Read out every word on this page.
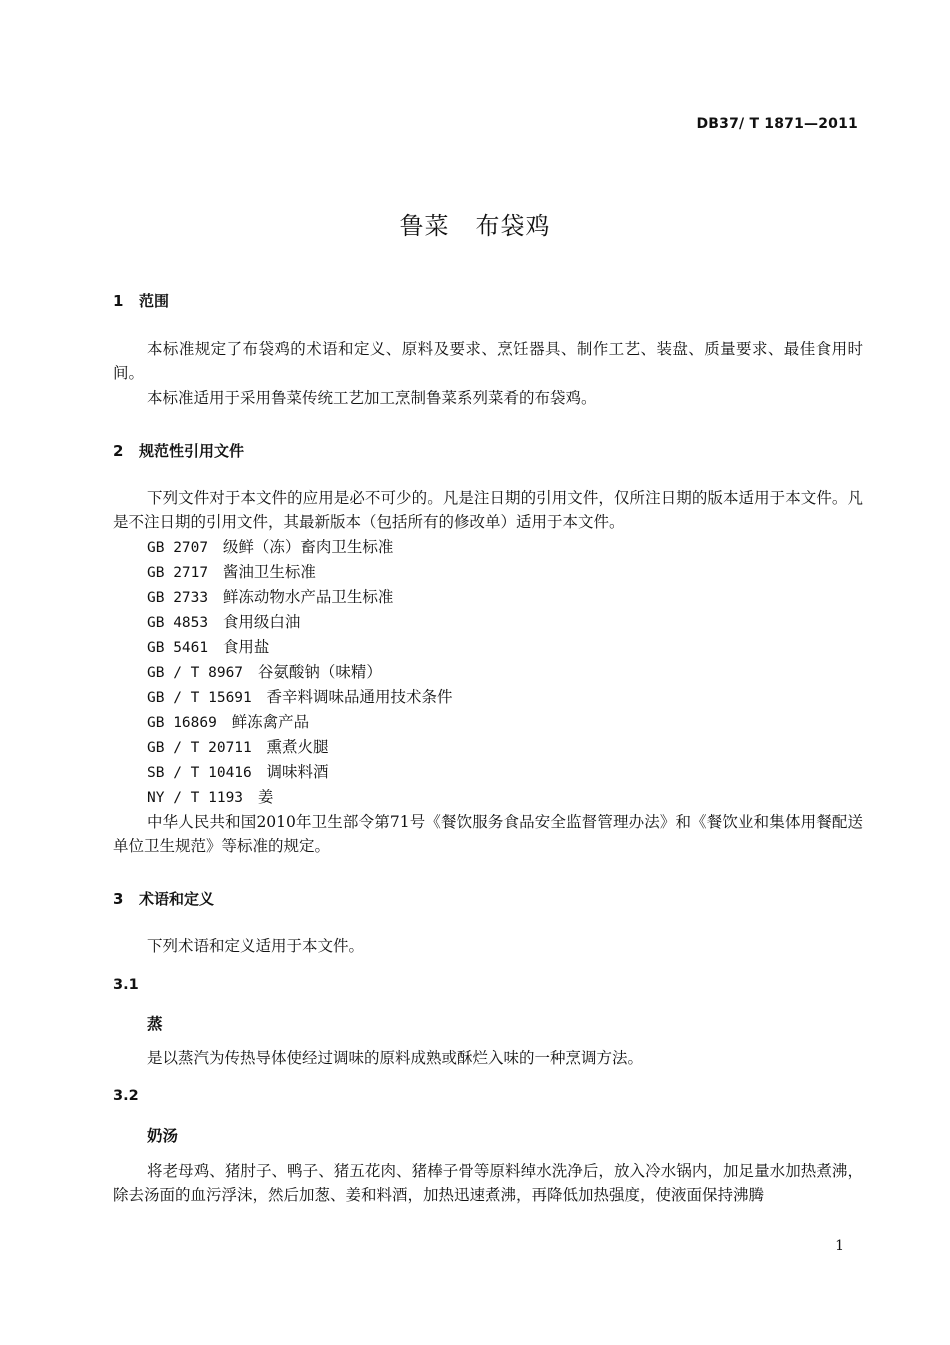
DB37/ T 1871—2011
鲁菜 布袋鸡
1 范围
本标准规定了布袋鸡的术语和定义、原料及要求、烹饪器具、制作工艺、装盘、质量要求、最佳食用时间。
本标准适用于采用鲁菜传统工艺加工烹制鲁菜系列菜肴的布袋鸡。
2 规范性引用文件
下列文件对于本文件的应用是必不可少的。凡是注日期的引用文件，仅所注日期的版本适用于本文件。凡是不注日期的引用文件，其最新版本（包括所有的修改单）适用于本文件。
GB 2707 级鲜（冻）畜肉卫生标准
GB 2717 酱油卫生标准
GB 2733 鲜冻动物水产品卫生标准
GB 4853 食用级白油
GB 5461 食用盐
GB / T 8967 谷氨酸钠（味精）
GB / T 15691 香辛料调味品通用技术条件
GB 16869 鲜冻禽产品
GB / T 20711 熏煮火腿
SB / T 10416 调味料酒
NY / T 1193 姜
中华人民共和国2010年卫生部令第71号《餐饮服务食品安全监督管理办法》和《餐饮业和集体用餐配送单位卫生规范》等标准的规定。
3 术语和定义
下列术语和定义适用于本文件。
3.1
蒸
是以蒸汽为传热导体使经过调味的原料成熟或酥烂入味的一种烹调方法。
3.2
奶汤
将老母鸡、猪肘子、鸭子、猪五花肉、猪棒子骨等原料绰水洗净后，放入冷水锅内，加足量水加热煮沸，除去汤面的血污浮沫，然后加葱、姜和料酒，加热迅速煮沸，再降低加热强度，使液面保持沸腾
1
